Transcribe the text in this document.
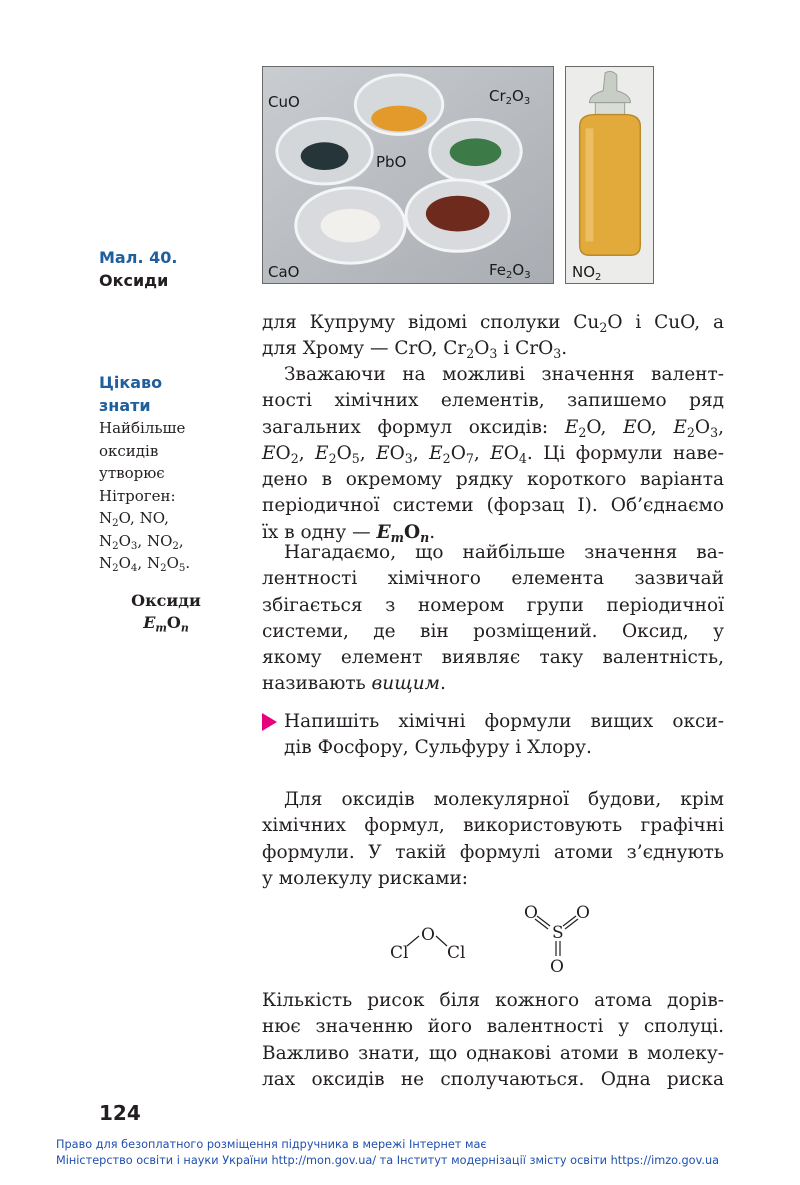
CuO	$Cr_2O_3$
PbO
CaO	$Fe_2O_3$	$NO_2$
Мал. 40.
Оксиди
Цікаво знати
Найбільше
оксидів
утворює
Нітроген:
$N_2O$, NO,
$N_2O_3$, $NO_2$,
$N_2O_4$, $N_2O_5$.
Оксиди
$E_mO_n$
для Купруму відомі сполуки $Cu_2O$ і CuO, а
для Хрому — CrO, $Cr_2O_3$ і CrO$_3$.
Зважаючи на можливі значення валент-
ності хімічних елементів, запишемо ряд
загальних формул оксидів: $E_2O$, EO, $E_2O_3$,
$EO_2$, $E_2O_5$, $EO_3$, $E_2O_7$, $EO_4$. Ці формули наве-
дено в окремому рядку короткого варіанта
періодичної системи (форзац І). Об’єднаємо
їх в одну — $E_mO_n$.
Нагадаємо, що найбільше значення ва-
лентності хімічного елемента зазвичай
збігається з номером групи періодичної
системи, де він розміщений. Оксид, у
якому елемент виявляє таку валентність,
називають вищим.
Напишіть хімічні формули вищих окси-
дів Фосфору, Сульфуру і Хлору.
Для оксидів молекулярної будови, крім
хімічних формул, використовують графічні
формули. У такій формулі атоми з’єднують
у молекулу рисками:
Cl
O
Cl
O O
S
O
Кількість рисок біля кожного атома дорів-
нює значенню його валентності у сполуці.
Важливо знати, що однакові атоми в молеку-
лах оксидів не сполучаються. Одна риска
124
Право для безоплатного розміщення підручника в мережі Інтернет має
Міністерство освіти і науки України http://mon.gov.ua/ та Інститут модернізації змісту освіти https://imzo.gov.ua
